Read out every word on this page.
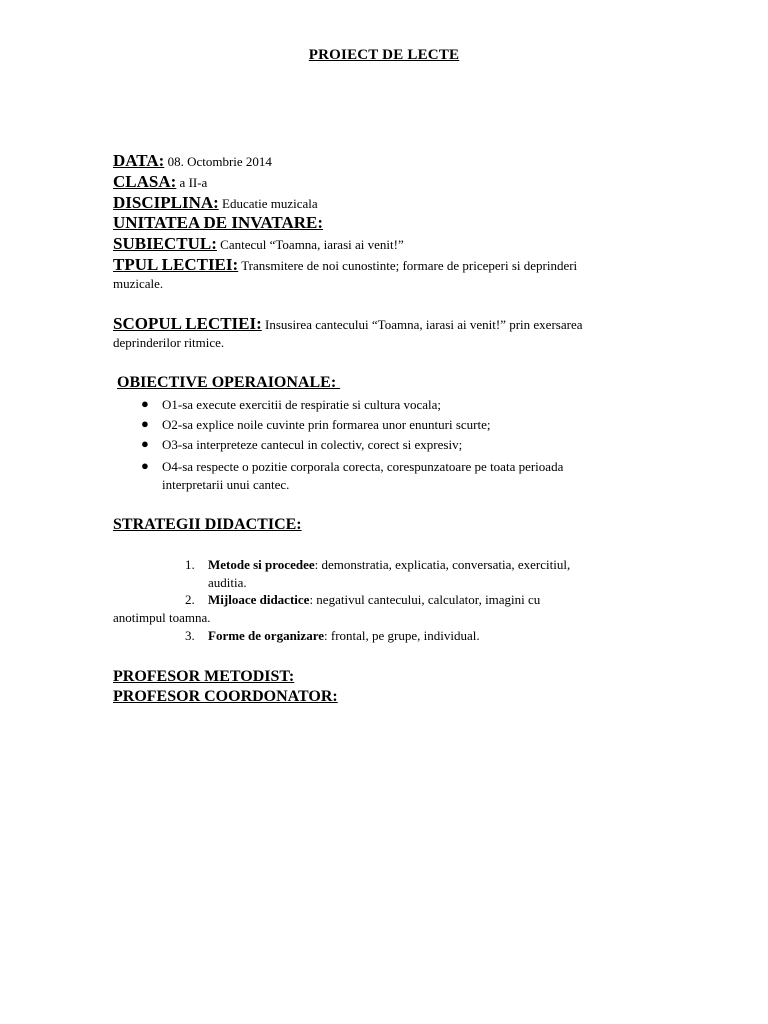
PROIECT DE LECTE
DATA: 08. Octombrie 2014
CLASA: a II-a
DISCIPLINA: Educatie muzicala
UNITATEA DE INVATARE:
SUBIECTUL: Cantecul “Toamna, iarasi ai venit!”
TPUL LECTIEI: Transmitere de noi cunostinte; formare de priceperi si deprinderi
muzicale.
SCOPUL LECTIEI: Insusirea cantecului “Toamna, iarasi ai venit!” prin exersarea
deprinderilor ritmice.
OBIECTIVE OPERAIONALE:
● O1-sa execute exercitii de respiratie si cultura vocala;
● O2-sa explice noile cuvinte prin formarea unor enunturi scurte;
● O3-sa interpreteze cantecul in colectiv, corect si expresiv;
● O4-sa respecte o pozitie corporala corecta, corespunzatoare pe toata perioada
interpretarii unui cantec.
STRATEGII DIDACTICE:
1. Metode si procedee: demonstratia, explicatia, conversatia, exercitiul,
auditia.
2. Mijloace didactice: negativul cantecului, calculator, imagini cu
anotimpul toamna.
3. Forme de organizare: frontal, pe grupe, individual.
PROFESOR METODIST:
PROFESOR COORDONATOR:
